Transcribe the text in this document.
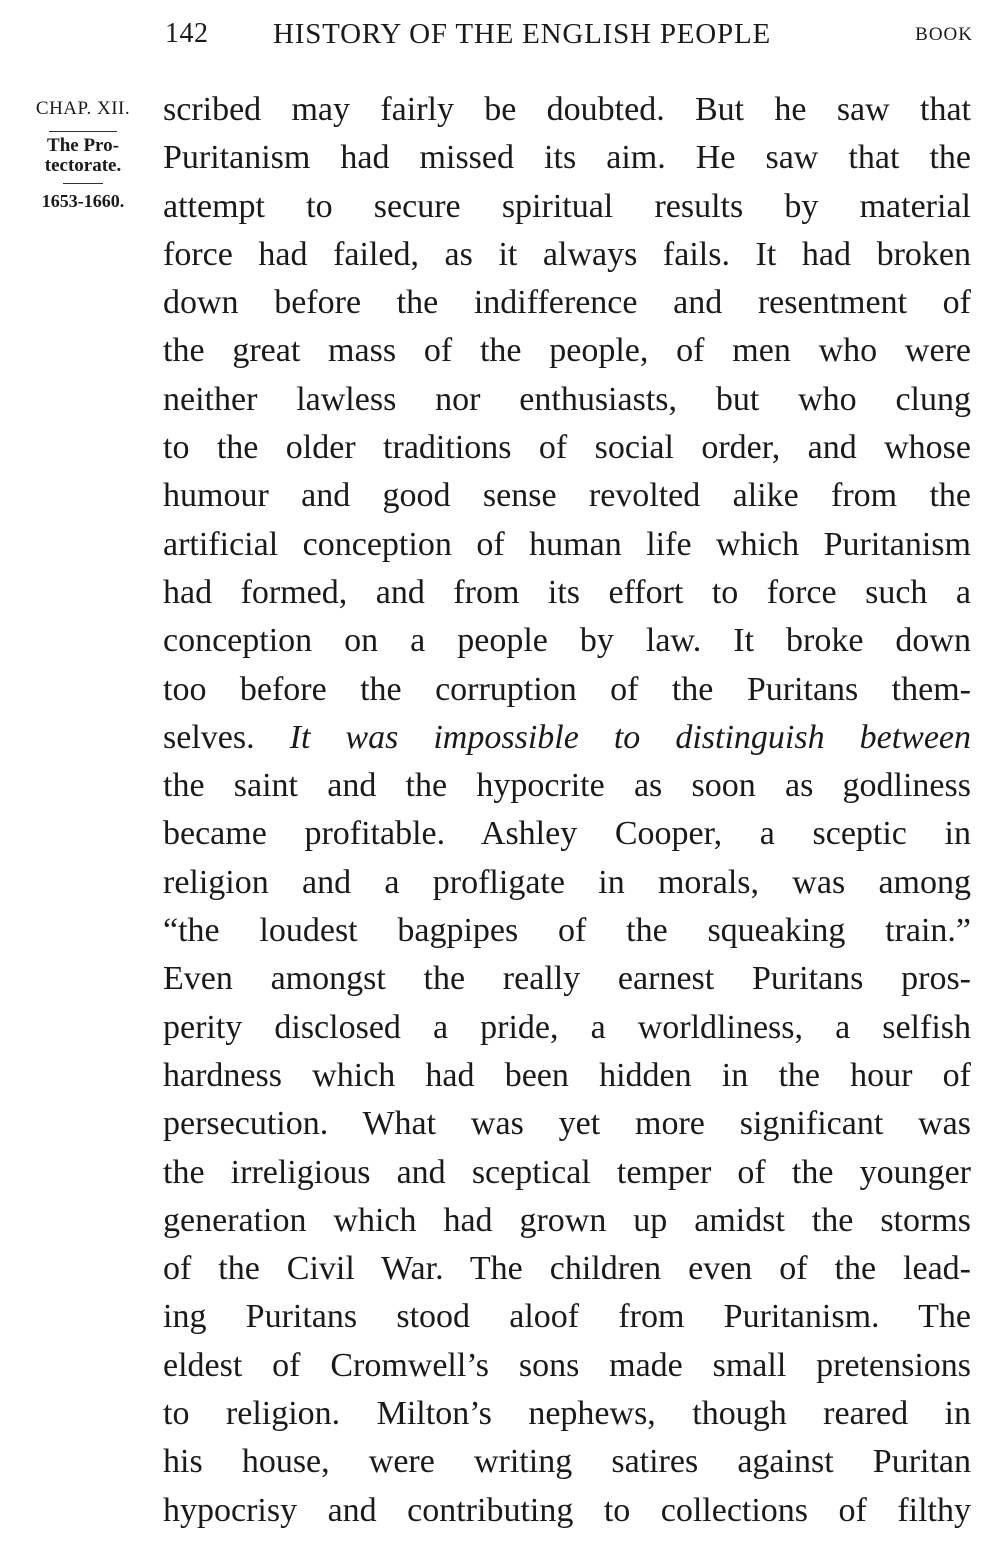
142 HISTORY OF THE ENGLISH PEOPLE	BOOK
CHAP. XII.
The Pro-
tectorate.
1653-1660.
scribed may fairly be doubted. But he saw that
Puritanism had missed its aim. He saw that the
attempt to secure spiritual results by material
force had failed, as it always fails. It had broken
down before the indifference and resentment of
the great mass of the people, of men who were
neither lawless nor enthusiasts, but who clung
to the older traditions of social order, and whose
humour and good sense revolted alike from the
artificial conception of human life which Puritanism
had formed, and from its effort to force such a
conception on a people by law. It broke down
too before the corruption of the Puritans them-
selves. It was impossible to distinguish between
the saint and the hypocrite as soon as godliness
became profitable. Ashley Cooper, a sceptic in
religion and a profligate in morals, was among
“the loudest bagpipes of the squeaking train.”
Even amongst the really earnest Puritans pros-
perity disclosed a pride, a worldliness, a selfish
hardness which had been hidden in the hour of
persecution. What was yet more significant was
the irreligious and sceptical temper of the younger
generation which had grown up amidst the storms
of the Civil War. The children even of the lead-
ing Puritans stood aloof from Puritanism. The
eldest of Cromwell’s sons made small pretensions
to religion. Milton’s nephews, though reared in
his house, were writing satires against Puritan
hypocrisy and contributing to collections of filthy
